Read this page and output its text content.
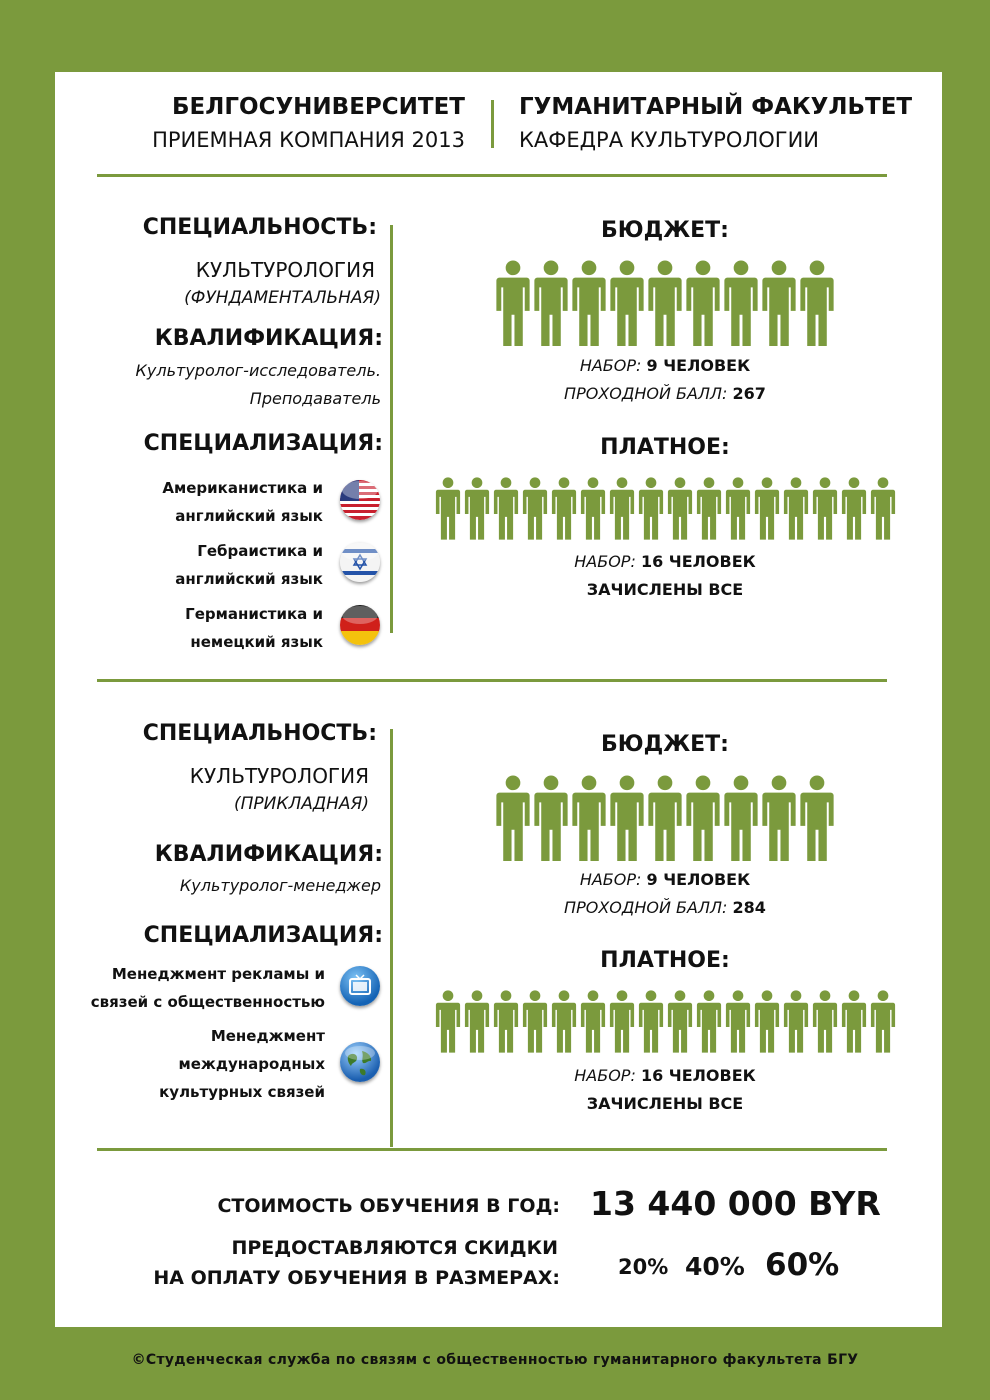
БЕЛГОСУНИВЕРСИТЕТ
ПРИЕМНАЯ КОМПАНИЯ 2013
ГУМАНИТАРНЫЙ ФАКУЛЬТЕТ
КАФЕДРА КУЛЬТУРОЛОГИИ
СПЕЦИАЛЬНОСТЬ:
КУЛЬТУРОЛОГИЯ
(ФУНДАМЕНТАЛЬНАЯ)
КВАЛИФИКАЦИЯ:
Культуролог-исследователь.
Преподаватель
СПЕЦИАЛИЗАЦИЯ:
Американистика и
английский язык
Гебраистика и
английский язык
Германистика и
немецкий язык
БЮДЖЕТ:
НАБОР: 9 ЧЕЛОВЕК
ПРОХОДНОЙ БАЛЛ: 267
ПЛАТНОЕ:
НАБОР: 16 ЧЕЛОВЕК
ЗАЧИСЛЕНЫ ВСЕ
СПЕЦИАЛЬНОСТЬ:
КУЛЬТУРОЛОГИЯ
(ПРИКЛАДНАЯ)
КВАЛИФИКАЦИЯ:
Культуролог-менеджер
СПЕЦИАЛИЗАЦИЯ:
Менеджмент рекламы и
связей с общественностью
Менеджмент
международных
культурных связей
БЮДЖЕТ:
НАБОР: 9 ЧЕЛОВЕК
ПРОХОДНОЙ БАЛЛ: 284
ПЛАТНОЕ:
НАБОР: 16 ЧЕЛОВЕК
ЗАЧИСЛЕНЫ ВСЕ
СТОИМОСТЬ ОБУЧЕНИЯ В ГОД: 13 440 000 BYR
ПРЕДОСТАВЛЯЮТСЯ СКИДКИ
НА ОПЛАТУ ОБУЧЕНИЯ В РАЗМЕРАХ:	20% 40% 60%
©Студенческая служба по связям с общественностью гуманитарного факультета БГУ
